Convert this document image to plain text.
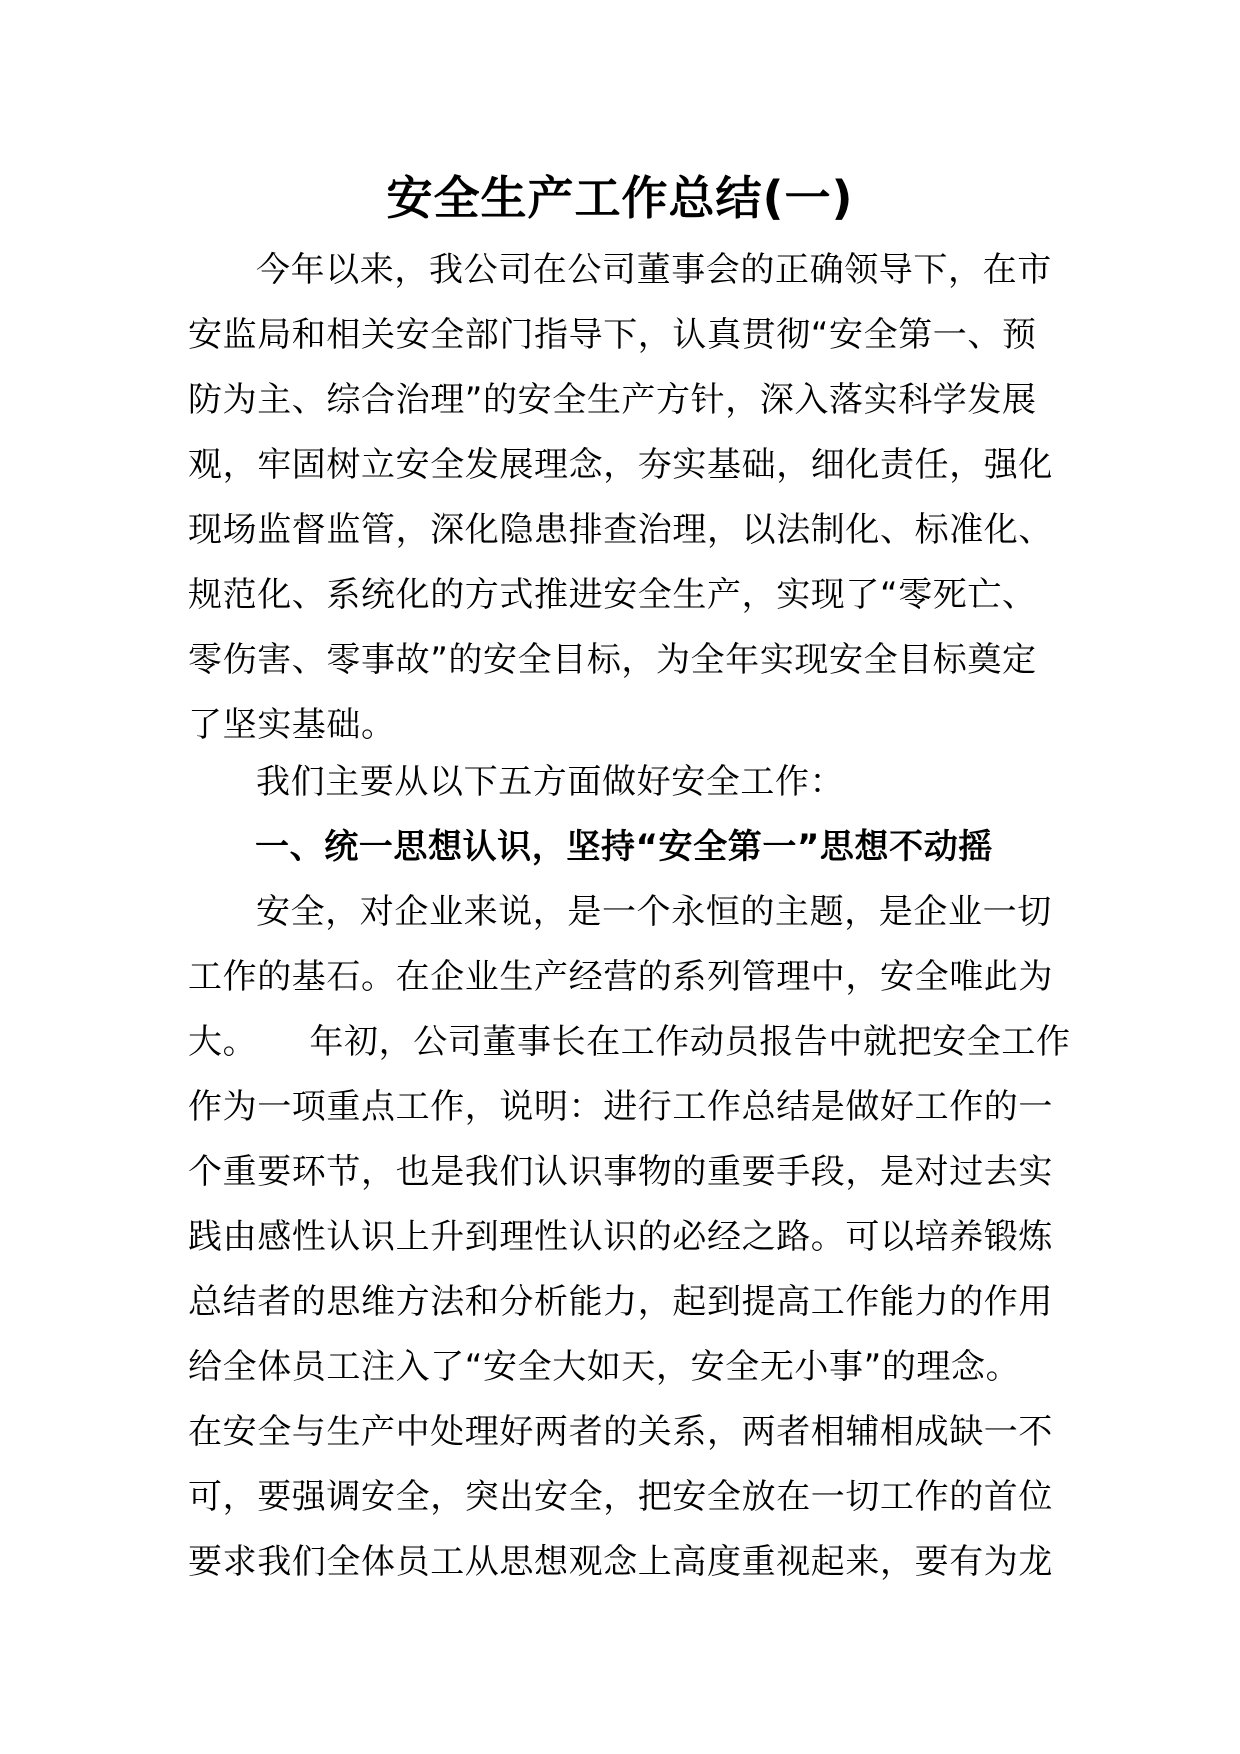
安全生产工作总结(一)
今年以来，我公司在公司董事会的正确领导下，在市
安监局和相关安全部门指导下，认真贯彻“安全第一、预
防为主、综合治理”的安全生产方针，深入落实科学发展
观，牢固树立安全发展理念，夯实基础，细化责任，强化
现场监督监管，深化隐患排查治理，以法制化、标准化、
规范化、系统化的方式推进安全生产，实现了“零死亡、
零伤害、零事故”的安全目标，为全年实现安全目标奠定
了坚实基础。
我们主要从以下五方面做好安全工作：
一、统一思想认识，坚持“安全第一”思想不动摇
安全，对企业来说，是一个永恒的主题，是企业一切
工作的基石。在企业生产经营的系列管理中，安全唯此为
大。　　年初，公司董事长在工作动员报告中就把安全工作
作为一项重点工作，说明：进行工作总结是做好工作的一
个重要环节，也是我们认识事物的重要手段，是对过去实
践由感性认识上升到理性认识的必经之路。可以培养锻炼
总结者的思维方法和分析能力，起到提高工作能力的作用
给全体员工注入了“安全大如天，安全无小事”的理念。
在安全与生产中处理好两者的关系，两者相辅相成缺一不
可，要强调安全，突出安全，把安全放在一切工作的首位
要求我们全体员工从思想观念上高度重视起来，要有为龙
